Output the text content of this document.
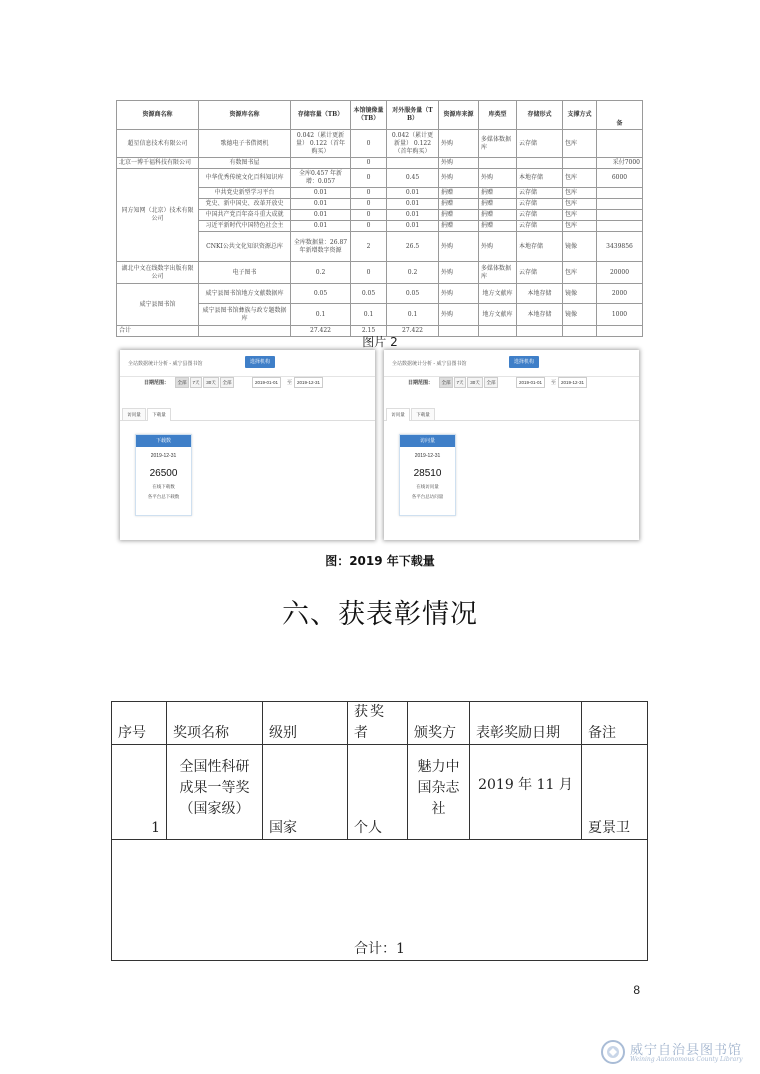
资源商名称	资源库名称	存储容量（TB）	本馆镜像量（TB）	对外服务量（TB）	资源库来源	库类型	存储形式	支撑方式	备
超星信息技术有限公司	歌德电子书借阅机	0.042（累计更新量） 0.122（首年购买）	0	0.042（累计更新量） 0.122（首年购买）	外购	多媒体数据库	云存储	包库	
北京一博千福科技有限公司	有数图书屋		0		外购				采付7000
同方知网（北京）技术有限公司	中华优秀传统文化百科知识库	全库0.457 年新增：0.057	0	0.45	外购	外购	本地存储	包库	6000
	中共党史新型学习平台	0.01	0	0.01	捐赠	捐赠	云存储	包库	
	党史、新中国史、改革开放史	0.01	0	0.01	捐赠	捐赠	云存储	包库	
	中国共产党百年奋斗重大成就	0.01	0	0.01	捐赠	捐赠	云存储	包库	
	习近平新时代中国特色社会主	0.01	0	0.01	捐赠	捐赠	云存储	包库	
	CNKI公共文化知识资源总库	全库数据量：26.87 年新增数字资源	2	26.5	外购	外购	本地存储	镜像	3439856
湖北中文在线数字出版有限公司	电子图书	0.2	0	0.2	外购	多媒体数据库	云存储	包库	20000
威宁县图书馆	威宁县图书馆地方文献数据库	0.05	0.05	0.05	外购	地方文献库	本地存储	镜像	2000
	威宁县图书馆彝族与政专题数据库	0.1	0.1	0.1	外购	地方文献库	本地存储	镜像	1000
合计		27.422	2.15	27.422					
图片 2
全站数据统计分析 - 威宁县图书馆	选择机构
日期范围：	全部	7天	30天	全部	2019-01-01	至	2019-12-31
访问量	下载量
下载数
2019-12-31
26500
在线下载数
各平台总下载数
全站数据统计分析 - 威宁县图书馆	选择机构
日期范围：	全部	7天	30天	全部	2019-01-01	至	2019-12-31
访问量	下载量
访问量
2019-12-31
28510
在线访问量
各平台总访问量
图：2019 年下载量
六、获表彰情况
序号	奖项名称	级别	获奖者	颁奖方	表彰奖励日期	备注
1	全国性科研成果一等奖（国家级）	国家	个人	魅力中国杂志社	2019 年 11 月	夏景卫
合计：1						
8
威宁自治县图书馆
Weining Autonomous County Library
